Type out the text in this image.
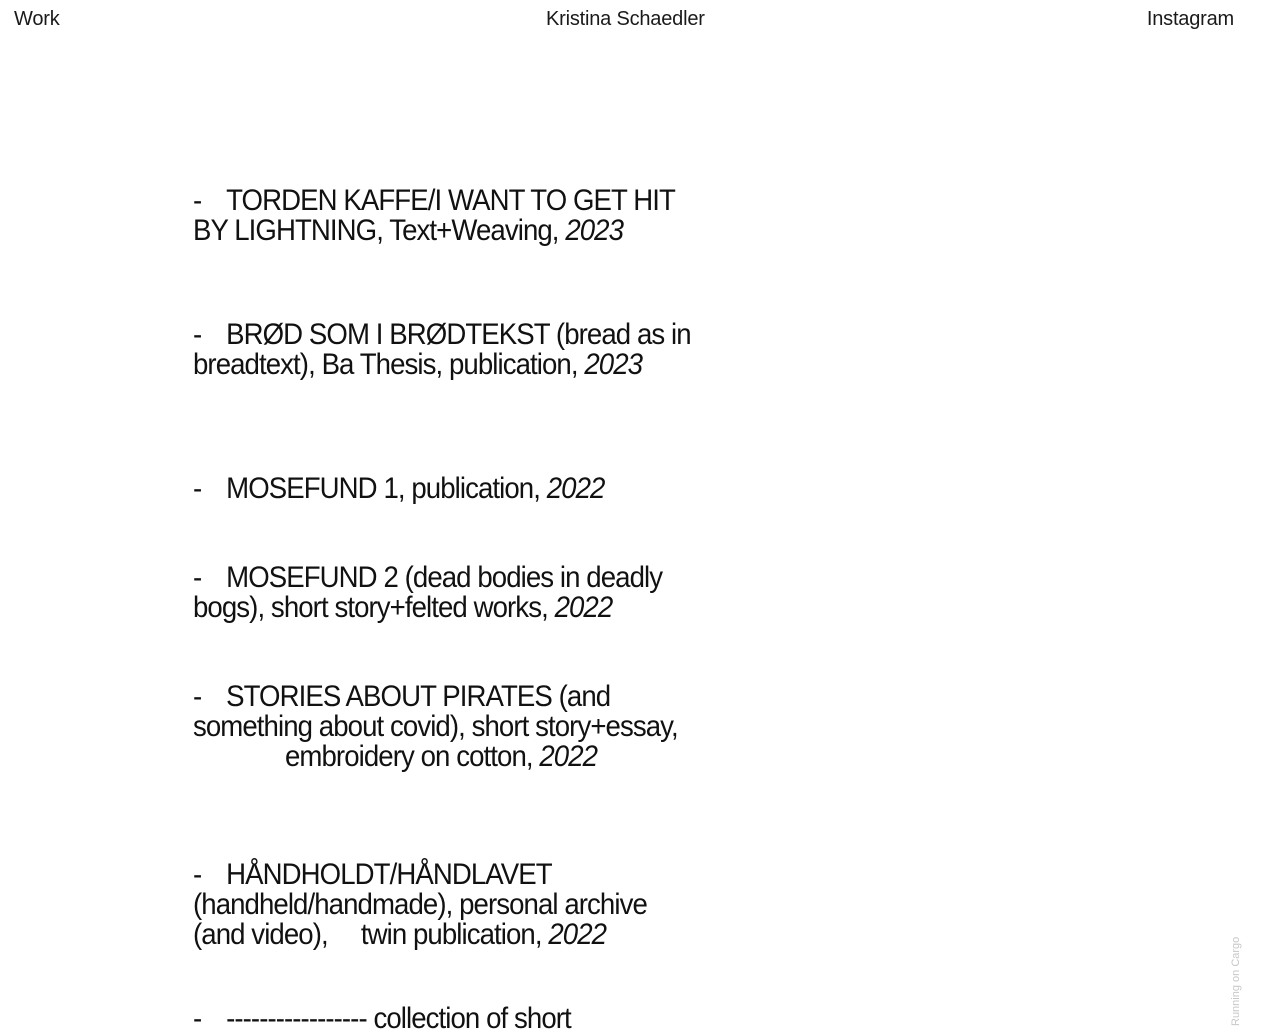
Work	Kristina Schaedler	Instagram

- TORDEN KAFFE/I WANT TO GET HIT BY LIGHTNING, Text+Weaving, 2023

- BRØD SOM I BRØDTEKST (bread as in breadtext), Ba Thesis, publication, 2023

- MOSEFUND 1, publication, 2022

- MOSEFUND 2 (dead bodies in deadly bogs), short story+felted works, 2022

- STORIES ABOUT PIRATES (and something about covid), short story+essay,embroidery on cotton, 2022

- HÅNDHOLDT/HÅNDLAVET (handheld/handmade), personal archive (and video), twin publication, 2022

- ----------------- collection of short	Running on Cargo
